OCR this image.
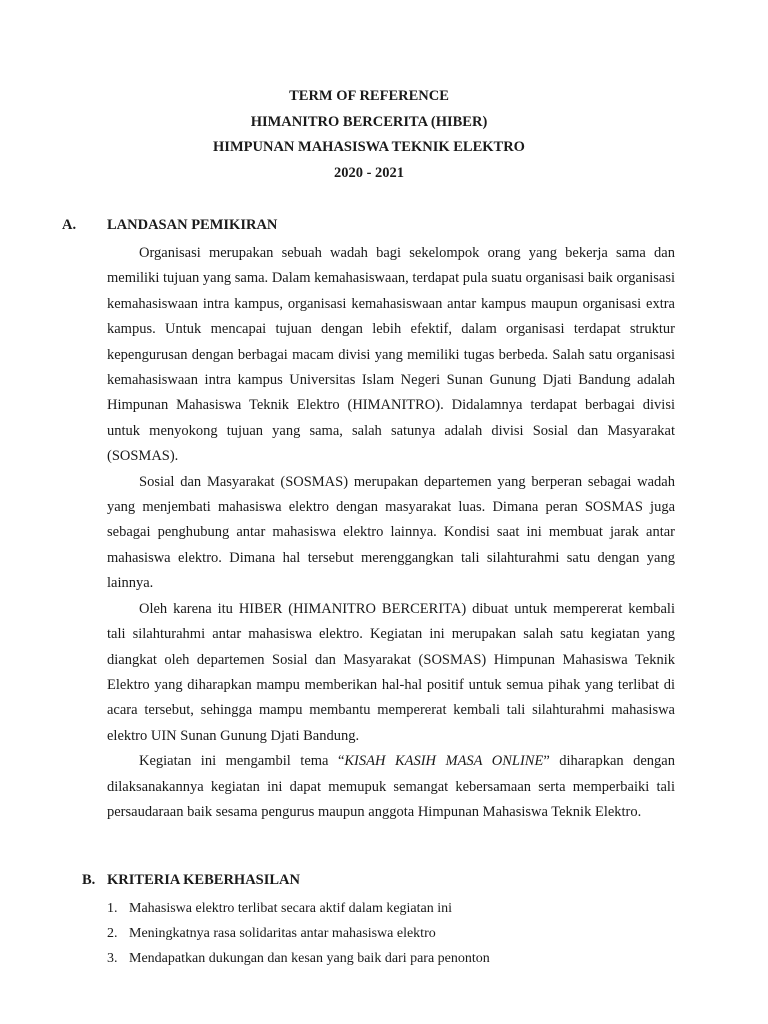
TERM OF REFERENCE
HIMANITRO BERCERITA (HIBER)
HIMPUNAN MAHASISWA TEKNIK ELEKTRO
2020 - 2021
A. LANDASAN PEMIKIRAN

Organisasi merupakan sebuah wadah bagi sekelompok orang yang bekerja sama dan memiliki tujuan yang sama. Dalam kemahasiswaan, terdapat pula suatu organisasi baik organisasi kemahasiswaan intra kampus, organisasi kemahasiswaan antar kampus maupun organisasi extra kampus. Untuk mencapai tujuan dengan lebih efektif, dalam organisasi terdapat struktur kepengurusan dengan berbagai macam divisi yang memiliki tugas berbeda. Salah satu organisasi kemahasiswaan intra kampus Universitas Islam Negeri Sunan Gunung Djati Bandung adalah Himpunan Mahasiswa Teknik Elektro (HIMANITRO). Didalamnya terdapat berbagai divisi untuk menyokong tujuan yang sama, salah satunya adalah divisi Sosial dan Masyarakat (SOSMAS).

Sosial dan Masyarakat (SOSMAS) merupakan departemen yang berperan sebagai wadah yang menjembati mahasiswa elektro dengan masyarakat luas. Dimana peran SOSMAS juga sebagai penghubung antar mahasiswa elektro lainnya. Kondisi saat ini membuat jarak antar mahasiswa elektro. Dimana hal tersebut merenggangkan tali silahturahmi satu dengan yang lainnya.

Oleh karena itu HIBER (HIMANITRO BERCERITA) dibuat untuk mempererat kembali tali silahturahmi antar mahasiswa elektro. Kegiatan ini merupakan salah satu kegiatan yang diangkat oleh departemen Sosial dan Masyarakat (SOSMAS) Himpunan Mahasiswa Teknik Elektro yang diharapkan mampu memberikan hal-hal positif untuk semua pihak yang terlibat di acara tersebut, sehingga mampu membantu mempererat kembali tali silahturahmi mahasiswa elektro UIN Sunan Gunung Djati Bandung.

Kegiatan ini mengambil tema “KISAH KASIH MASA ONLINE” diharapkan dengan dilaksanakannya kegiatan ini dapat memupuk semangat kebersamaan serta memperbaiki tali persaudaraan baik sesama pengurus maupun anggota Himpunan Mahasiswa Teknik Elektro.

B. KRITERIA KEBERHASILAN
1. Mahasiswa elektro terlibat secara aktif dalam kegiatan ini
2. Meningkatnya rasa solidaritas antar mahasiswa elektro
3. Mendapatkan dukungan dan kesan yang baik dari para penonton
